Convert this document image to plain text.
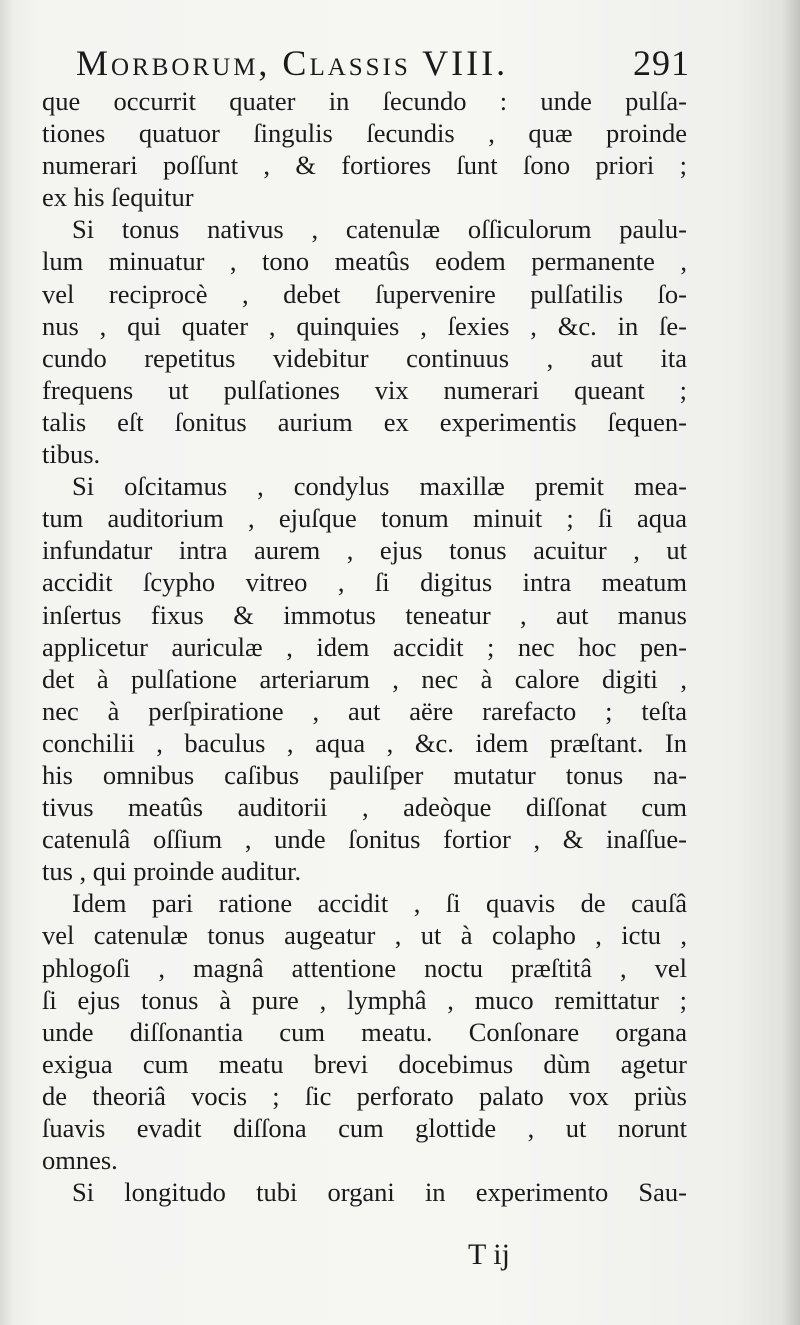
Morborum, Classis VIII.	291
que occurrit quater in ſecundo : unde pulſa-
tiones quatuor ſingulis ſecundis , quæ proinde
numerari poſſunt , & fortiores ſunt ſono priori ;
ex his ſequitur
Si tonus nativus , catenulæ oſſiculorum paulu-
lum minuatur , tono meatûs eodem permanente ,
vel reciprocè , debet ſupervenire pulſatilis ſo-
nus , qui quater , quinquies , ſexies , &c. in ſe-
cundo repetitus videbitur continuus , aut ita
frequens ut pulſationes vix numerari queant ;
talis eſt ſonitus aurium ex experimentis ſequen-
tibus.
Si oſcitamus , condylus maxillæ premit mea-
tum auditorium , ejuſque tonum minuit ; ſi aqua
infundatur intra aurem , ejus tonus acuitur , ut
accidit ſcypho vitreo , ſi digitus intra meatum
inſertus fixus & immotus teneatur , aut manus
applicetur auriculæ , idem accidit ; nec hoc pen-
det à pulſatione arteriarum , nec à calore digiti ,
nec à perſpiratione , aut aëre rarefacto ; teſta
conchilii , baculus , aqua , &c. idem præſtant. In
his omnibus caſibus pauliſper mutatur tonus na-
tivus meatûs auditorii , adeòque diſſonat cum
catenulâ oſſium , unde ſonitus fortior , & inaſſue-
tus , qui proinde auditur.
Idem pari ratione accidit , ſi quavis de cauſâ
vel catenulæ tonus augeatur , ut à colapho , ictu ,
phlogoſi , magnâ attentione noctu præſtitâ , vel
ſi ejus tonus à pure , lymphâ , muco remittatur ;
unde diſſonantia cum meatu. Conſonare organa
exigua cum meatu brevi docebimus dùm agetur
de theoriâ vocis ; ſic perforato palato vox priùs
ſuavis evadit diſſona cum glottide , ut norunt
omnes.
Si longitudo tubi organi in experimento Sau-
T ij
